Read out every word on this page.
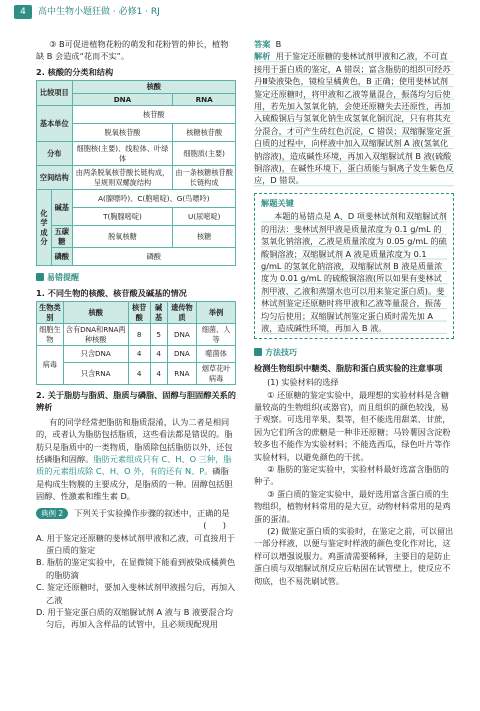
4	高中生物小题狂做 · 必修1 · RJ

③ B可促进植物花粉的萌发和花粉管的伸长，植物缺 B 会造成“花而不实”。

2. 核酸的分类和结构

比较项目		核酸	
		DNA	RNA
基本单位		核苷酸	
		脱氧核苷酸	核糖核苷酸
分布		细胞核(主要)、线粒体、叶绿体	细胞质(主要)
空间结构		由两条脱氧核苷酸长链构成，呈规则双螺旋结构	由一条核糖核苷酸长链构成
化学成分	碱基	A(腺嘌呤)、C(胞嘧啶)、G(鸟嘌呤)	
		T(胸腺嘧啶)	U(尿嘧啶)
	五碳糖	脱氧核糖	核糖
	磷酸	磷酸	
易错提醒

1. 不同生物的核酸、核苷酸及碱基的情况

生物类别	核酸	核苷酸	碱基	遗传物质	举例
细胞生物	含有DNA和RNA两种核酸	8	5	DNA	细菌、人等
病毒	只含DNA	4	4	DNA	噬菌体
	只含RNA	4	4	RNA	烟草花叶病毒

2. 关于脂肪与脂质、脂质与磷脂、固醇与胆固醇关系的辨析

有的同学经常把脂肪和脂质混淆，认为二者是相同的，或者认为脂肪包括脂质，这些看法都是错误的。脂肪只是脂质中的一类物质，脂质除包括脂肪以外，还包括磷脂和固醇。脂肪元素组成只有 C、H、O 三种，脂质的元素组成除 C、H、O 外，有的还有 N、P。磷脂是构成生物膜的主要成分，是脂质的一种。固醇包括胆固醇、性激素和维生素 D。

典例 2 下列关于实验操作步骤的叙述中，正确的是

(　　)

A. 用于鉴定还原糖的斐林试剂甲液和乙液，可直接用于蛋白质的鉴定

B. 脂肪的鉴定实验中，在显微镜下能看到被染成橘黄色的脂肪滴

C. 鉴定还原糖时，要加入斐林试剂甲液摇匀后，再加入乙液

D. 用于鉴定蛋白质的双缩脲试剂 A 液与 B 液要混合均匀后，再加入含样品的试管中，且必须现配现用

答案 B

解析 用于鉴定还原糖的斐林试剂甲液和乙液，不可直接用于蛋白质的鉴定，A 错误；富含脂肪的组织可经苏丹Ⅲ染液染色，镜检呈橘黄色，B 正确；使用斐林试剂鉴定还原糖时，将甲液和乙液等量混合，振荡均匀后使用，若先加入氢氧化钠，会使还原糖失去还原性，再加入硫酸铜后与氢氧化钠生成氢氧化铜沉淀，只有将其充分混合，才可产生砖红色沉淀，C 错误；双缩脲鉴定蛋白质的过程中，向样液中加入双缩脲试剂 A 液(氢氧化钠溶液)，造成碱性环境，再加入双缩脲试剂 B 液(硫酸铜溶液)，在碱性环境下，蛋白质能与铜离子发生紫色反应，D 错误。

解题关键

本题的易错点是 A、D 项斐林试剂和双缩脲试剂的用法：斐林试剂甲液是质量浓度为 0.1 g/mL 的氢氧化钠溶液，乙液是质量浓度为 0.05 g/mL 的硫酸铜溶液；双缩脲试剂 A 液是质量浓度为 0.1 g/mL 的氢氧化钠溶液，双缩脲试剂 B 液是质量浓度为 0.01 g/mL 的硫酸铜溶液(所以如果有斐林试剂甲液、乙液和蒸馏水也可以用来鉴定蛋白质)。斐林试剂鉴定还原糖时将甲液和乙液等量混合，振荡均匀后使用；双缩脲试剂鉴定蛋白质时需先加 A 液，造成碱性环境，再加入 B 液。

方法技巧

检测生物组织中糖类、脂肪和蛋白质实验的注意事项

(1) 实验材料的选择

① 还原糖的鉴定实验中，最理想的实验材料是含糖量较高的生物组织(或器官)，而且组织的颜色较浅，易于观察。可选用苹果、梨等，但不能选用甜菜、甘蔗，因为它们所含的蔗糖是一种非还原糖；马铃薯因含淀粉较多也不能作为实验材料；不能选西瓜，绿色叶片等作实验材料，以避免颜色的干扰。

② 脂肪的鉴定实验中，实验材料最好选富含脂肪的种子。

③ 蛋白质的鉴定实验中，最好选用富含蛋白质的生物组织，植物材料常用的是大豆，动物材料常用的是鸡蛋的蛋清。

(2) 做鉴定蛋白质的实验时，在鉴定之前，可以留出一部分样液，以便与鉴定时样液的颜色变化作对比，这样可以增强说服力。鸡蛋清需要稀释，主要目的是防止蛋白质与双缩脲试剂反应后粘固在试管壁上，使反应不彻底，也不易洗刷试管。
